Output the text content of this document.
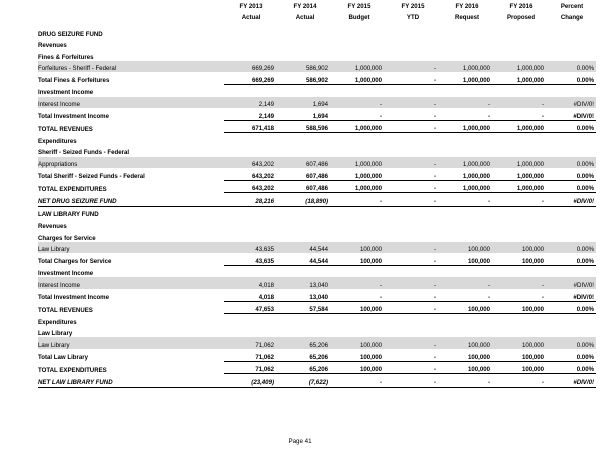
	FY 2013	FY 2014	FY 2015	FY 2015	FY 2016	FY 2016	Percent
	Actual	Actual	Budget	YTD	Request	Proposed	Change
DRUG SEIZURE FUND							
Revenues							
Fines & Forfeitures							
Forfeitures - Sheriff - Federal	669,269	586,902	1,000,000	-	1,000,000	1,000,000	0.00%
Total Fines & Forfeitures	669,269	586,902	1,000,000	-	1,000,000	1,000,000	0.00%
Investment Income							
Interest Income	2,149	1,694	-	-	-	-	#DIV/0!
Total Investment Income	2,149	1,694	-	-	-	-	#DIV/0!
TOTAL REVENUES	671,418	588,596	1,000,000	-	1,000,000	1,000,000	0.00%
Expenditures							
Sheriff - Seized Funds - Federal							
Appropriations	643,202	607,486	1,000,000	-	1,000,000	1,000,000	0.00%
Total Sheriff - Seized Funds - Federal	643,202	607,486	1,000,000	-	1,000,000	1,000,000	0.00%
TOTAL EXPENDITURES	643,202	607,486	1,000,000	-	1,000,000	1,000,000	0.00%
NET DRUG SEIZURE FUND	28,216	(18,890)	-	-	-	-	#DIV/0!
LAW LIBRARY FUND							
Revenues							
Charges for Service							
Law Library	43,635	44,544	100,000	-	100,000	100,000	0.00%
Total Charges for Service	43,635	44,544	100,000	-	100,000	100,000	0.00%
Investment Income							
Interest Income	4,018	13,040	-	-	-	-	#DIV/0!
Total Investment Income	4,018	13,040	-	-	-	-	#DIV/0!
TOTAL REVENUES	47,653	57,584	100,000	-	100,000	100,000	0.00%
Expenditures							
Law Library							
Law Library	71,062	65,206	100,000	-	100,000	100,000	0.00%
Total Law Library	71,062	65,206	100,000	-	100,000	100,000	0.00%
TOTAL EXPENDITURES	71,062	65,206	100,000	-	100,000	100,000	0.00%
NET LAW LIBRARY FUND	(23,409)	(7,622)	-	-	-	-	#DIV/0!
Page 41
